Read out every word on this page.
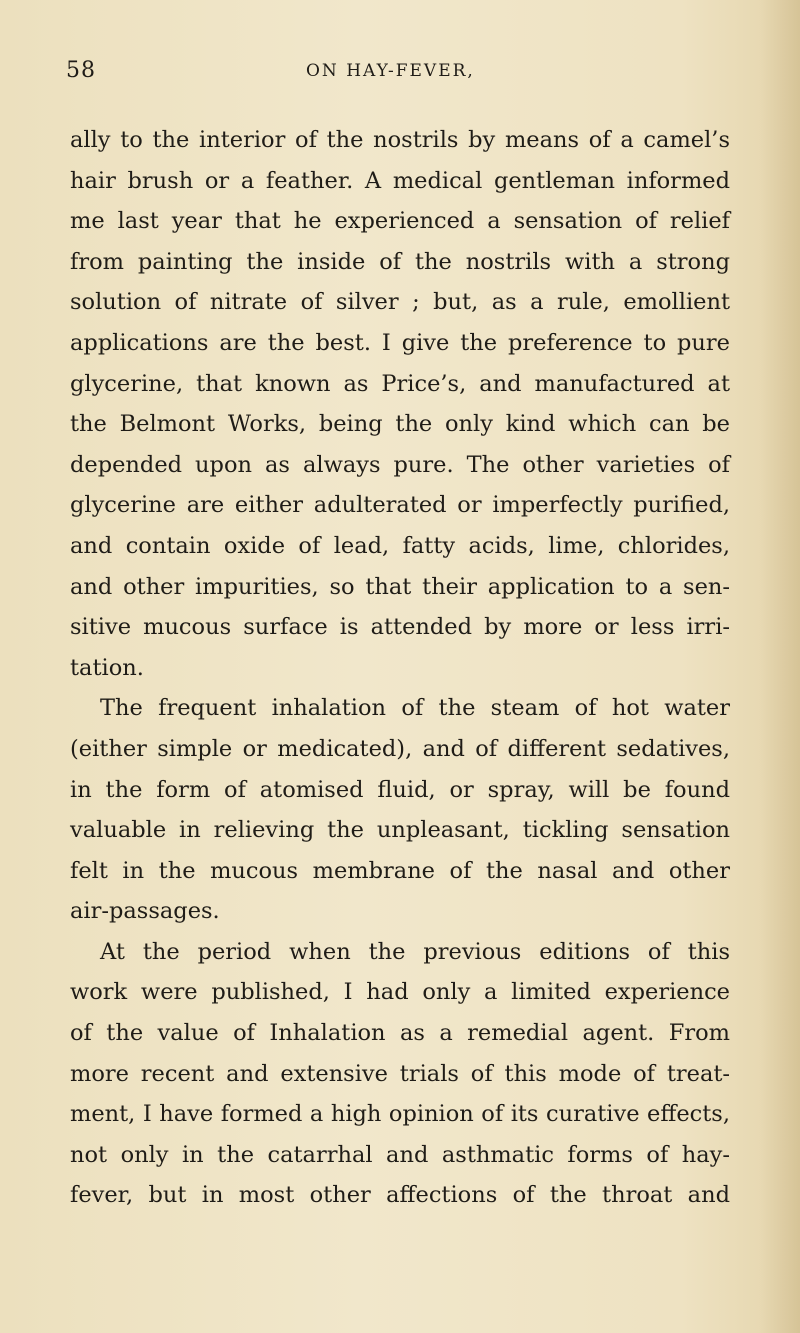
58	ON HAY-FEVER,
ally to the interior of the nostrils by means of a camel’s
hair brush or a feather. A medical gentleman informed
me last year that he experienced a sensation of relief
from painting the inside of the nostrils with a strong
solution of nitrate of silver ; but, as a rule, emollient
applications are the best. I give the preference to pure
glycerine, that known as Price’s, and manufactured at
the Belmont Works, being the only kind which can be
depended upon as always pure. The other varieties of
glycerine are either adulterated or imperfectly purified,
and contain oxide of lead, fatty acids, lime, chlorides,
and other impurities, so that their application to a sen-
sitive mucous surface is attended by more or less irri-
tation.
The frequent inhalation of the steam of hot water
(either simple or medicated), and of different sedatives,
in the form of atomised fluid, or spray, will be found
valuable in relieving the unpleasant, tickling sensation
felt in the mucous membrane of the nasal and other
air-passages.
At the period when the previous editions of this
work were published, I had only a limited experience
of the value of Inhalation as a remedial agent. From
more recent and extensive trials of this mode of treat-
ment, I have formed a high opinion of its curative effects,
not only in the catarrhal and asthmatic forms of hay-
fever, but in most other affections of the throat and
